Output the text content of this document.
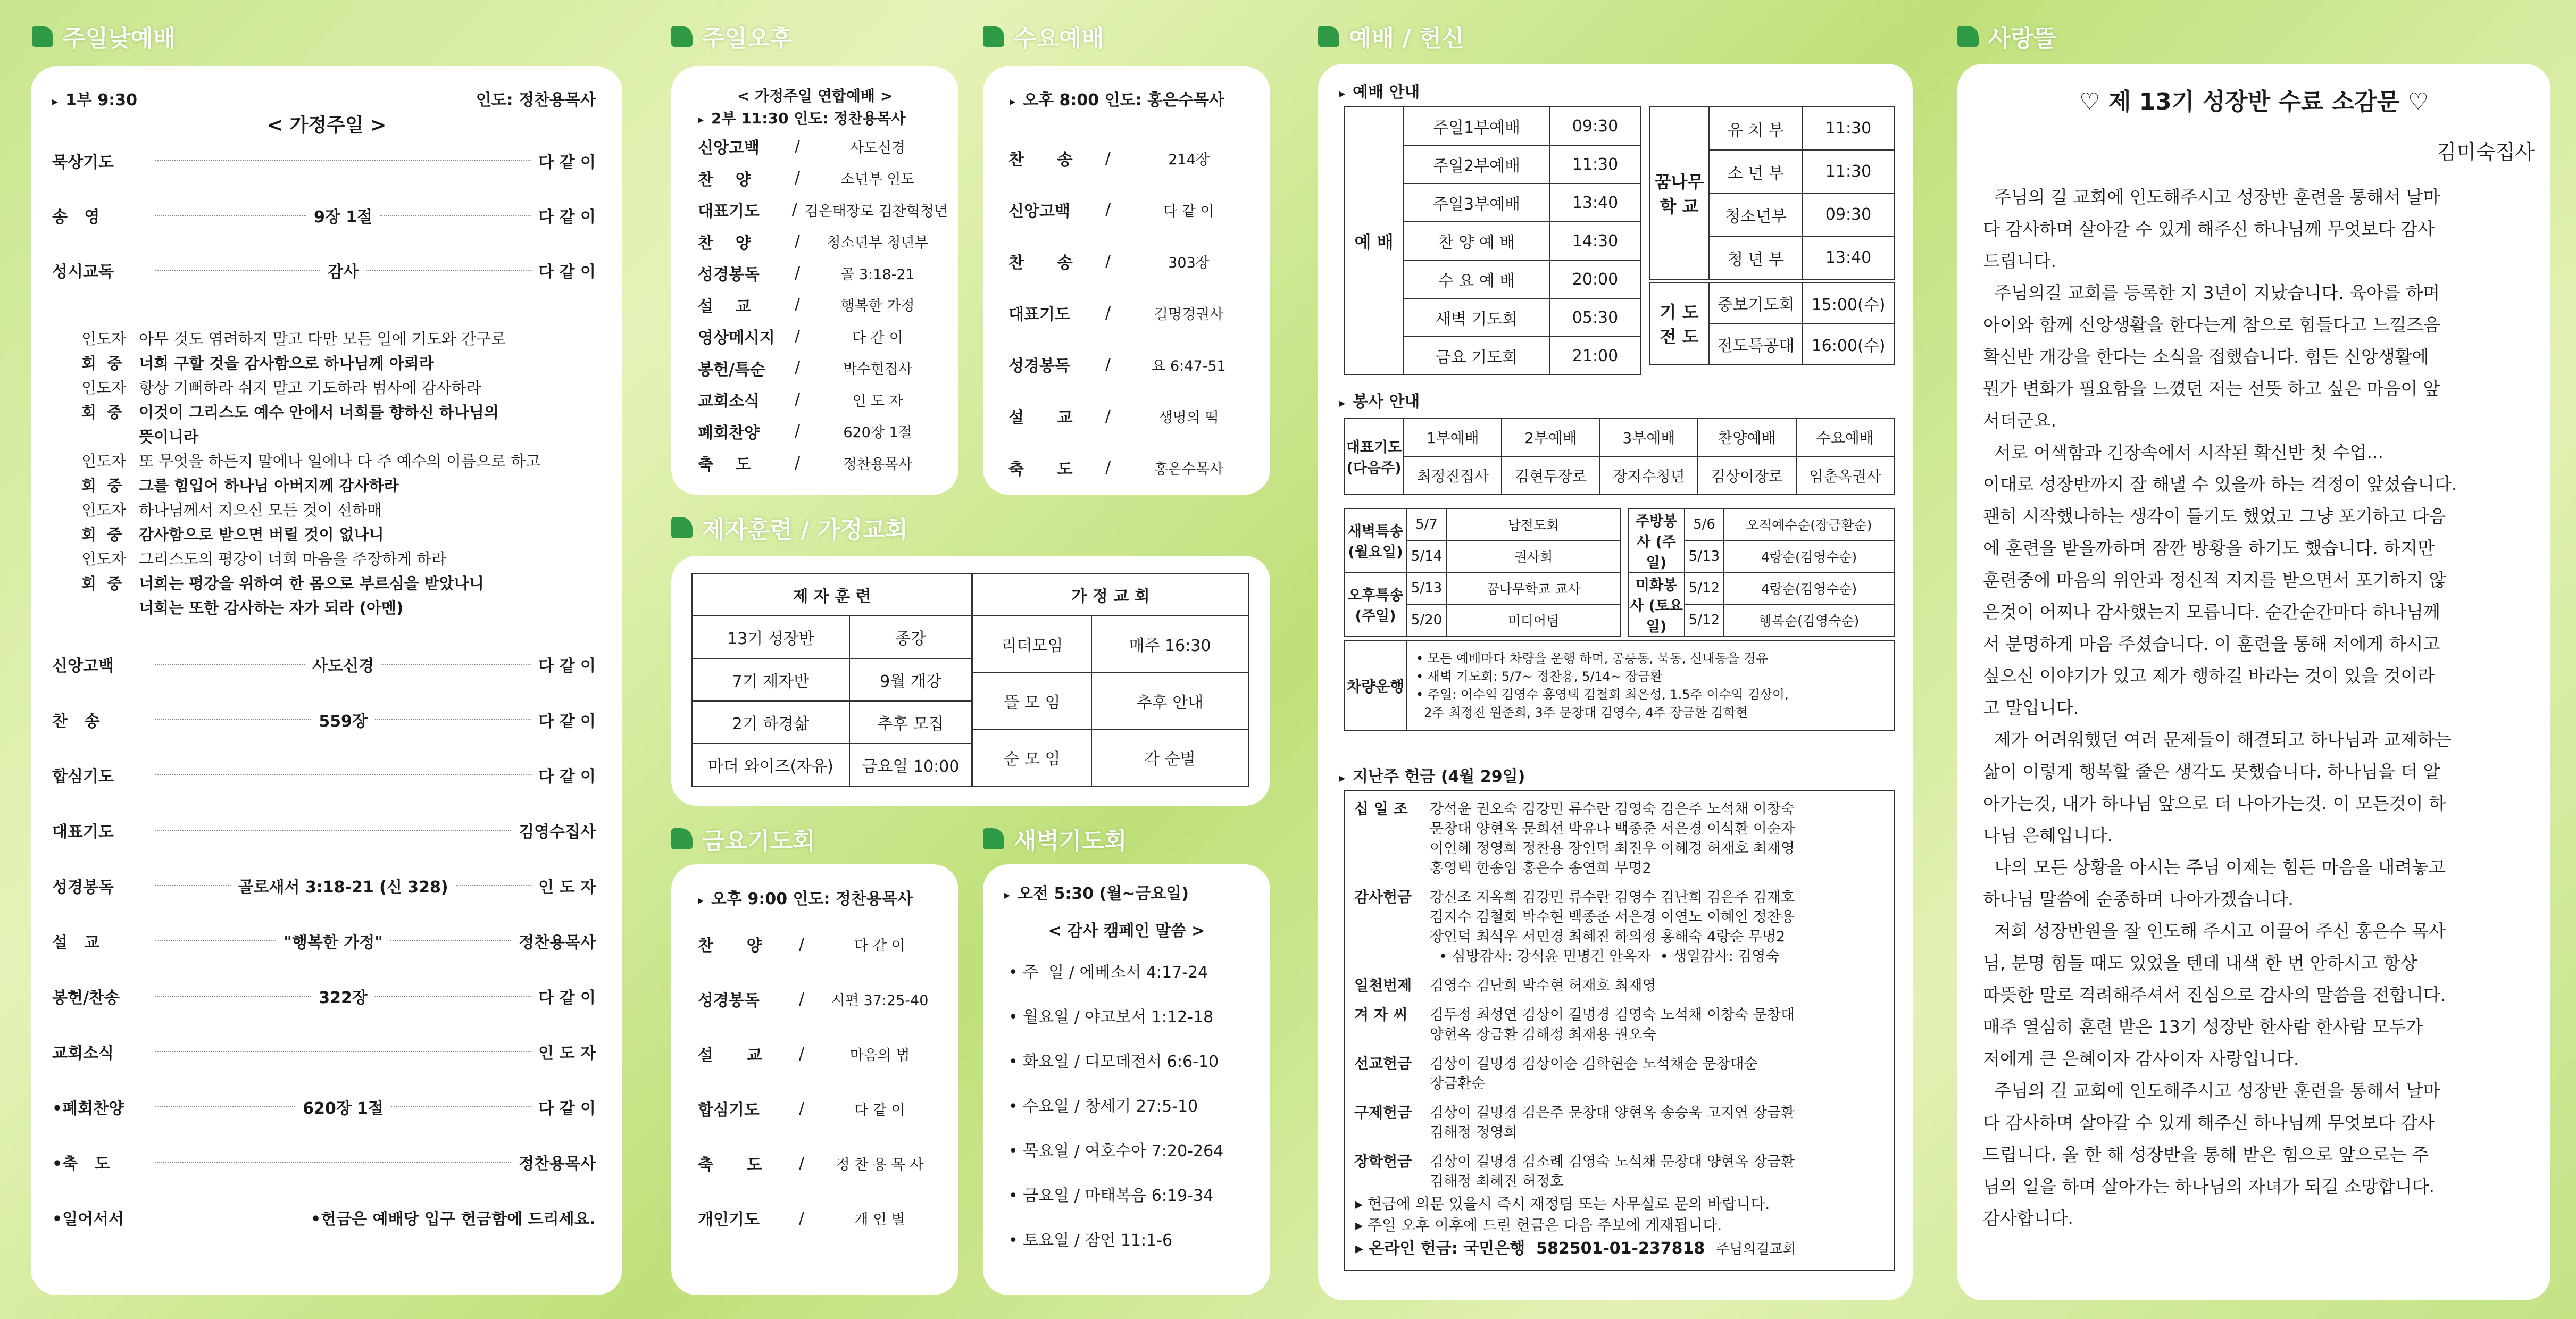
주일낮예배
▸ 1부 9:30	인도: 정찬용목사
< 가정주일 >
묵상기도	다 같 이
송   영	9장 1절	다 같 이
성시교독	감사	다 같 이
인도자 아무 것도 염려하지 말고 다만 모든 일에 기도와 간구로
회  중	너희 구할 것을 감사함으로 하나님께 아뢰라
인도자 항상 기뻐하라 쉬지 말고 기도하라 범사에 감사하라
회  중	이것이 그리스도 예수 안에서 너희를 향하신 하나님의
뜻이니라
인도자 또 무엇을 하든지 말에나 일에나 다 주 예수의 이름으로 하고
회  중	그를 힘입어 하나님 아버지께 감사하라
인도자 하나님께서 지으신 모든 것이 선하매
회  중	감사함으로 받으면 버릴 것이 없나니
인도자 그리스도의 평강이 너희 마음을 주장하게 하라
회  중	너희는 평강을 위하여 한 몸으로 부르심을 받았나니
너희는 또한 감사하는 자가 되라 (아멘)
신앙고백	사도신경	다 같 이
찬   송	559장	다 같 이
합심기도	다 같 이
대표기도	김영수집사
성경봉독	골로새서 3:18-21 (신 328)	인 도 자
설   교	"행복한 가정"	정찬용목사
봉헌/찬송	322장	다 같 이
교회소식	인 도 자
•폐회찬양	620장 1절	다 같 이
•축   도	정찬용목사
•일어서서	•헌금은 예배당 입구 헌금함에 드리세요.
주일오후
< 가정주일 연합예배 >
▸ 2부 11:30 인도: 정찬용목사
신앙고백	/	사도신경
찬    양	/	소년부 인도
대표기도	/ 김은태장로 김찬혁청년
찬    양	/	청소년부 청년부
성경봉독	/	골 3:18-21
설    교	/	행복한 가정
영상메시지	/	다 같 이
봉헌/특순	/	박수현집사
교회소식	/	인 도 자
폐회찬양	/	620장 1절
축    도	/	정찬용목사
수요예배
▸ 오후 8:00 인도: 홍은수목사
찬      송	/	214장
신앙고백	/	다 같 이
찬      송	/	303장
대표기도	/	길명경권사
성경봉독	/	요 6:47-51
설      교	/	생명의 떡
축      도	/	홍은수목사
제자훈련 / 가정교회
제 자 훈 련	
13기 성장반	종강
7기 제자반	9월 개강
2기 하경삶	추후 모집
마더 와이즈(자유)	금요일 10:00
가 정 교 회	
리더모임	매주 16:30
뜰 모 임	추후 안내
순 모 임	각 순별
금요기도회
▸ 오후 9:00 인도: 정찬용목사
찬      양	/	다 같 이
성경봉독	/	시편 37:25-40
설      교	/	마음의 법
합심기도	/	다 같 이
축      도	/	정 찬 용 목 사
개인기도	/	개 인 별
새벽기도회
▸ 오전 5:30 (월~금요일)
< 감사 캠페인 말씀 >
• 주  일 / 에베소서 4:17-24
• 월요일 / 야고보서 1:12-18
• 화요일 / 디모데전서 6:6-10
• 수요일 / 창세기 27:5-10
• 목요일 / 여호수아 7:20-264
• 금요일 / 마태복음 6:19-34
• 토요일 / 잠언 11:1-6
예배 / 헌신
▸ 예배 안내
예 배	주일1부예배	09:30
	주일2부예배	11:30
	주일3부예배	13:40
	찬 양 예 배	14:30
	수 요 예 배	20:00
	새벽 기도회	05:30
	금요 기도회	21:00
꿈나무 학 교	유 치 부	11:30
	소 년 부	11:30
	청소년부	09:30
	청 년 부	13:40
기 도 전 도	중보기도회	15:00(수)
	전도특공대	16:00(수)
▸ 봉사 안내
대표기도 (다음주)	1부예배	2부예배	3부예배	찬양예배	수요예배
	최정진집사	김현두장로	장지수청년	김상이장로	임춘옥권사
새벽특송 (월요일)	5/7	남전도회
	5/14	권사회
오후특송 (주일)	5/13	꿈나무학교 교사
	5/20	미디어팀
주방봉사 (주일)	5/6	오직예수순(장금환순)
	5/13	4랑순(김영수순)
미화봉사 (토요일)	5/12	4랑순(김영수순)
	5/12	행복순(김영숙순)
차량운행	
• 모든 예배마다 차량을 운행 하며, 공릉동, 묵동, 신내동을 경유
• 새벽 기도회: 5/7~ 정찬용, 5/14~ 장금환
• 주일: 이수익 김영수 홍영택 김철회 최은성, 1.5주 이수익 김상이,
2주 최정진 원준희, 3주 문창대 김영수, 4주 장금환 김학현
▸ 지난주 헌금 (4월 29일)
십 일 조 강석윤 권오숙 김강민 류수란 김영숙 김은주 노석채 이창숙
문창대 양현옥 문희선 박유나 백종준 서은경 이석환 이순자
이인혜 정영희 정찬용 장인덕 최진우 이혜경 허재호 최재영
홍영택 한송임 홍은수 송연희 무명2
감사헌금 강신조 지옥희 김강민 류수란 김영수 김난희 김은주 김재호
김지수 김철회 박수현 백종준 서은경 이연노 이혜인 정찬용
장인덕 최석우 서민경 최혜진 하의정 홍해숙 4랑순 무명2
• 심방감사: 강석윤 민병건 안옥자  • 생일감사: 김영숙
일천번제 김영수 김난희 박수현 허재호 최재영
겨 자 씨 김두정 최성연 김상이 길명경 김영숙 노석채 이창숙 문창대
양현옥 장금환 김해정 최재용 권오숙
선교헌금 김상이 길명경 김상이순 김학현순 노석채순 문창대순
장금환순
구제헌금 김상이 길명경 김은주 문창대 양현옥 송승욱 고지연 장금환
김해정 정영희
장학헌금 김상이 길명경 김소례 김영숙 노석채 문창대 양현옥 장금환
김해정 최혜진 허정호
▸ 헌금에 의문 있을시 즉시 재정팀 또는 사무실로 문의 바랍니다.
▸ 주일 오후 이후에 드린 헌금은 다음 주보에 게재됩니다.
▸ 온라인 헌금: 국민은행 582501-01-237818 주님의길교회
사랑뜰
♡ 제 13기 성장반 수료 소감문 ♡
김미숙집사
주님의 길 교회에 인도해주시고 성장반 훈련을 통해서 날마
다 감사하며 살아갈 수 있게 해주신 하나님께 무엇보다 감사
드립니다.
주님의길 교회를 등록한 지 3년이 지났습니다. 육아를 하며
아이와 함께 신앙생활을 한다는게 참으로 힘들다고 느낄즈음
확신반 개강을 한다는 소식을 접했습니다. 힘든 신앙생활에
뭔가 변화가 필요함을 느꼈던 저는 선뜻 하고 싶은 마음이 앞
서더군요.
서로 어색함과 긴장속에서 시작된 확신반 첫 수업...
이대로 성장반까지 잘 해낼 수 있을까 하는 걱정이 앞섰습니다.
괜히 시작했나하는 생각이 들기도 했었고 그냥 포기하고 다음
에 훈련을 받을까하며 잠깐 방황을 하기도 했습니다. 하지만
훈련중에 마음의 위안과 정신적 지지를 받으면서 포기하지 않
은것이 어찌나 감사했는지 모릅니다. 순간순간마다 하나님께
서 분명하게 마음 주셨습니다. 이 훈련을 통해 저에게 하시고
싶으신 이야기가 있고 제가 행하길 바라는 것이 있을 것이라
고 말입니다.
제가 어려워했던 여러 문제들이 해결되고 하나님과 교제하는
삶이 이렇게 행복할 줄은 생각도 못했습니다. 하나님을 더 알
아가는것, 내가 하나님 앞으로 더 나아가는것. 이 모든것이 하
나님 은혜입니다.
나의 모든 상황을 아시는 주님 이제는 힘든 마음을 내려놓고
하나님 말씀에 순종하며 나아가겠습니다.
저희 성장반원을 잘 인도해 주시고 이끌어 주신 홍은수 목사
님, 분명 힘들 때도 있었을 텐데 내색 한 번 안하시고 항상
따뜻한 말로 격려해주셔서 진심으로 감사의 말씀을 전합니다.
매주 열심히 훈련 받은 13기 성장반 한사람 한사람 모두가
저에게 큰 은혜이자 감사이자 사랑입니다.
주님의 길 교회에 인도해주시고 성장반 훈련을 통해서 날마
다 감사하며 살아갈 수 있게 해주신 하나님께 무엇보다 감사
드립니다. 올 한 해 성장반을 통해 받은 힘으로 앞으로는 주
님의 일을 하며 살아가는 하나님의 자녀가 되길 소망합니다.
감사합니다.
